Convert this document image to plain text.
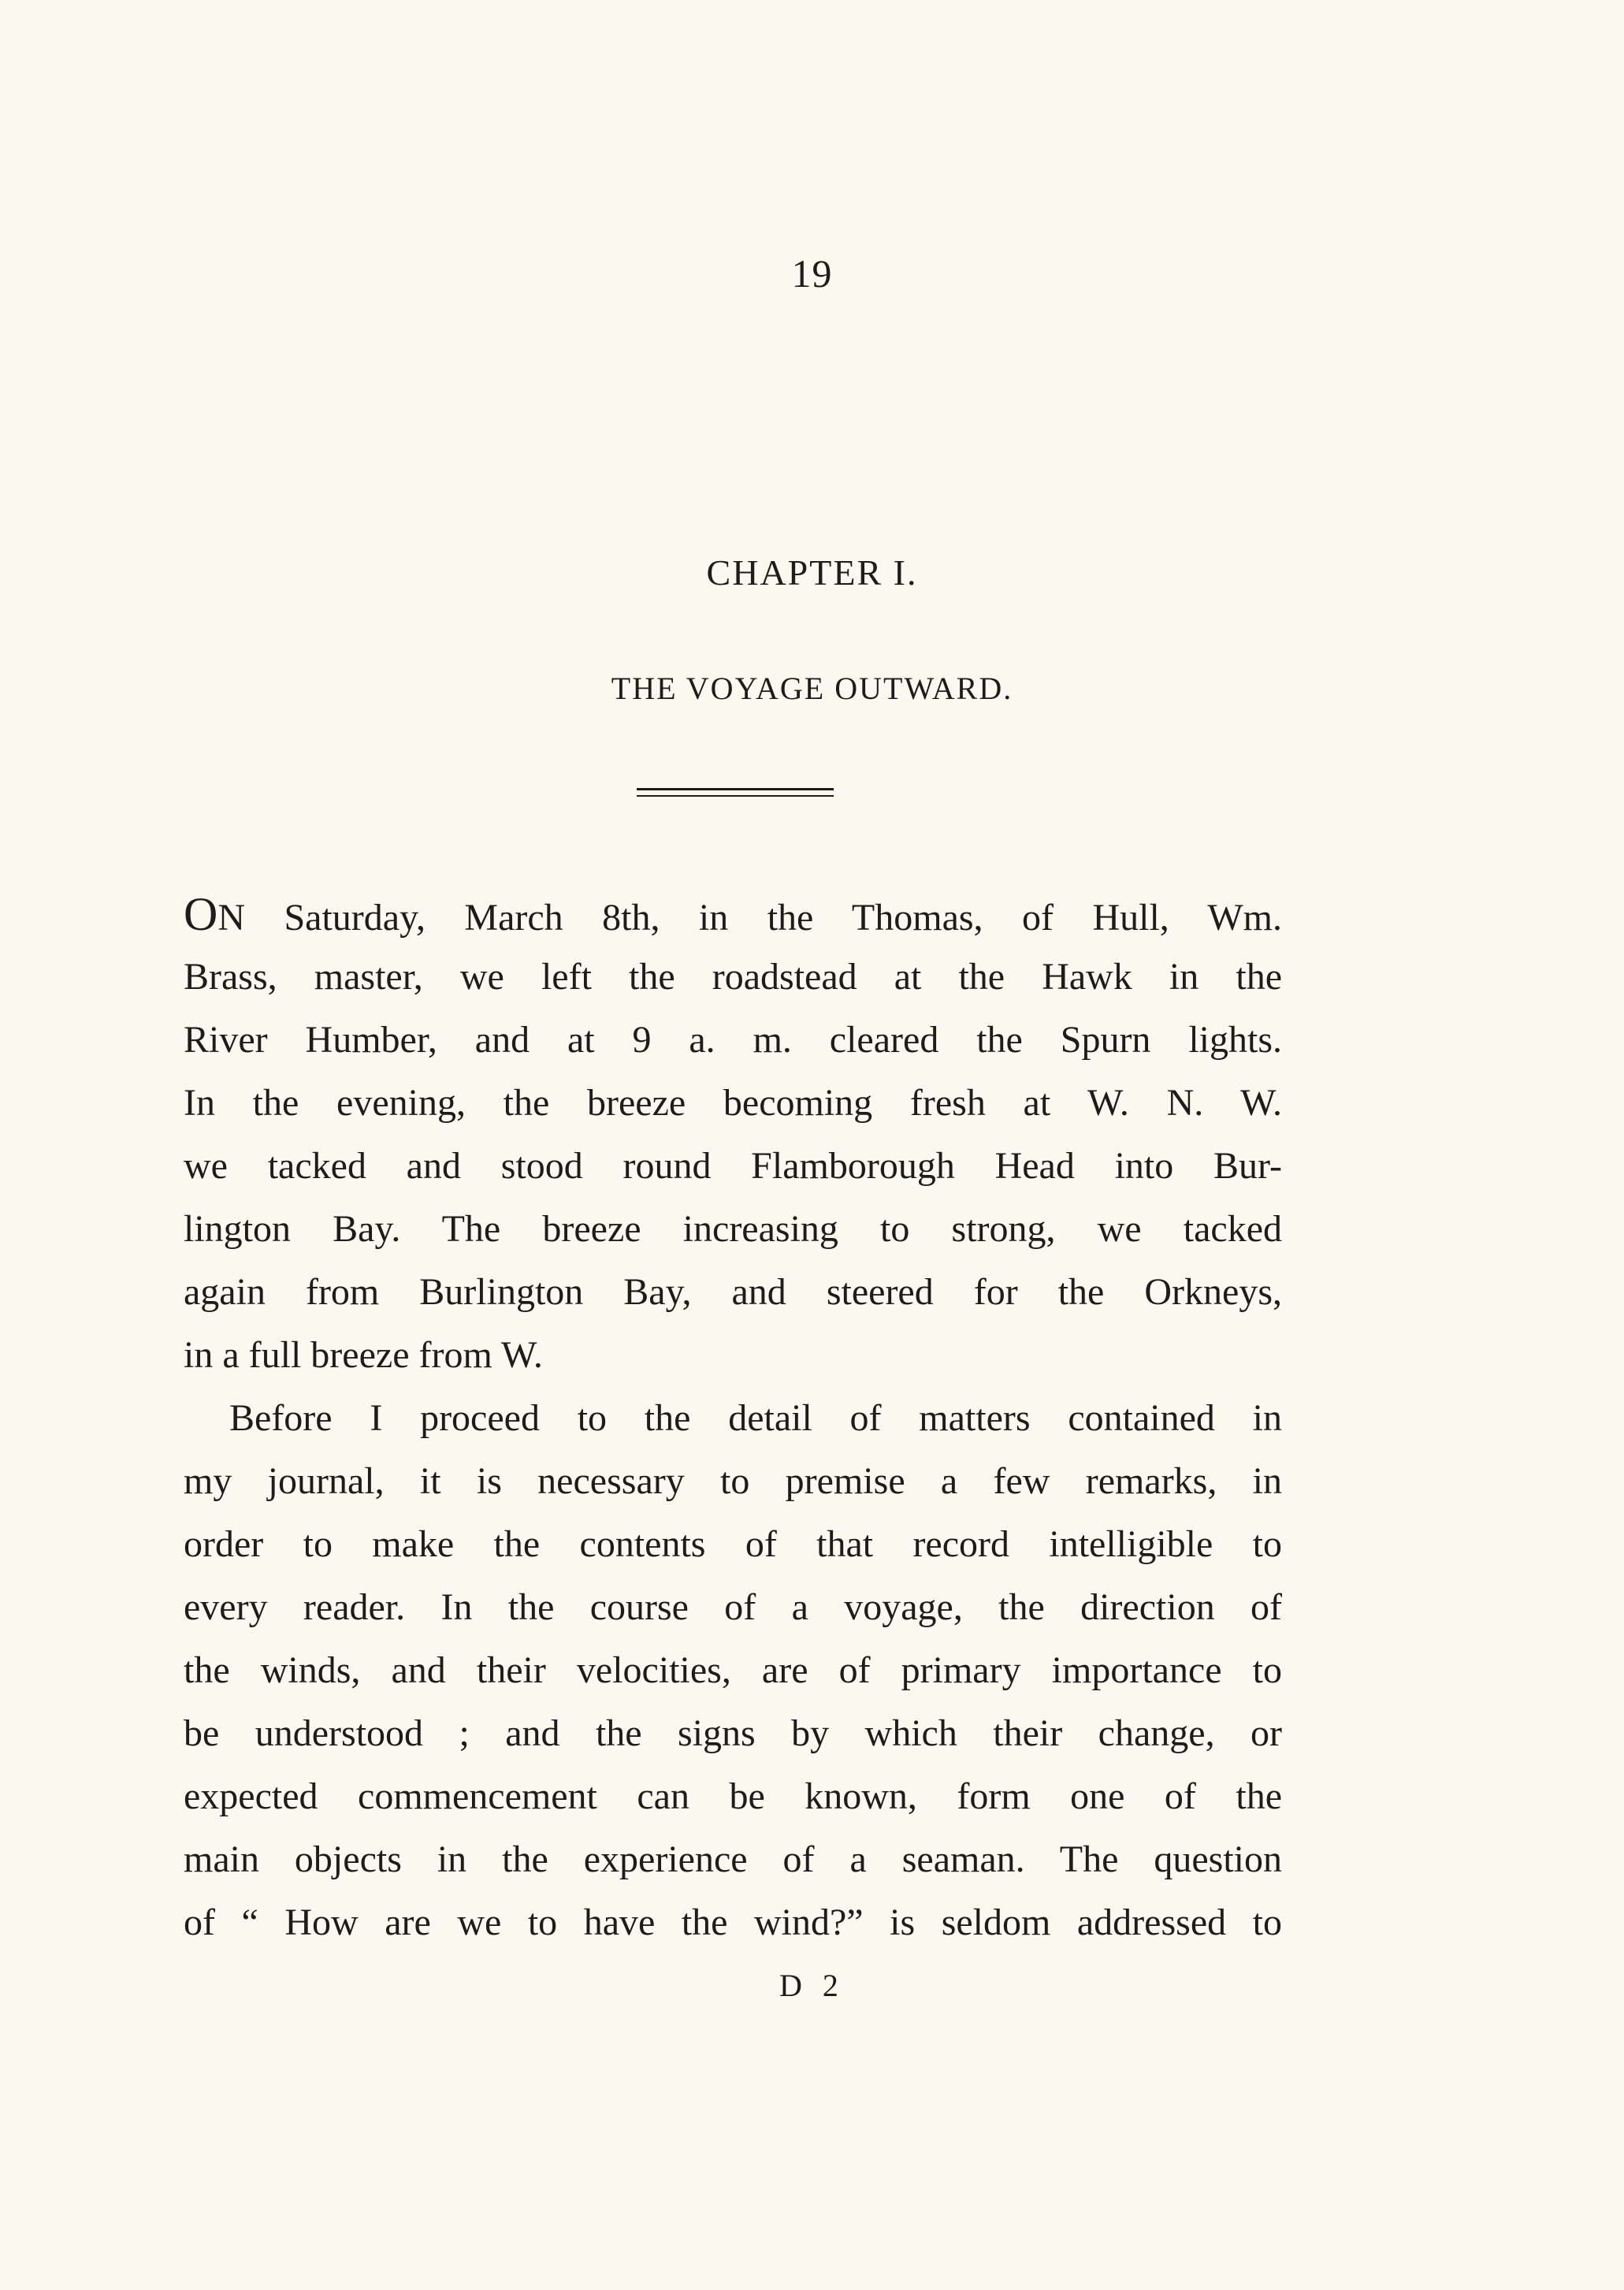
19
CHAPTER I.
THE VOYAGE OUTWARD.
ON Saturday, March 8th, in the Thomas, of Hull, Wm.
Brass, master, we left the roadstead at the Hawk in the
River Humber, and at 9 a. m. cleared the Spurn lights.
In the evening, the breeze becoming fresh at W. N. W.
we tacked and stood round Flamborough Head into Bur-
lington Bay. The breeze increasing to strong, we tacked
again from Burlington Bay, and steered for the Orkneys,
in a full breeze from W.
Before I proceed to the detail of matters contained in
my journal, it is necessary to premise a few remarks, in
order to make the contents of that record intelligible to
every reader. In the course of a voyage, the direction of
the winds, and their velocities, are of primary importance to
be understood ; and the signs by which their change, or
expected commencement can be known, form one of the
main objects in the experience of a seaman. The question
of “ How are we to have the wind?” is seldom addressed to
D 2
